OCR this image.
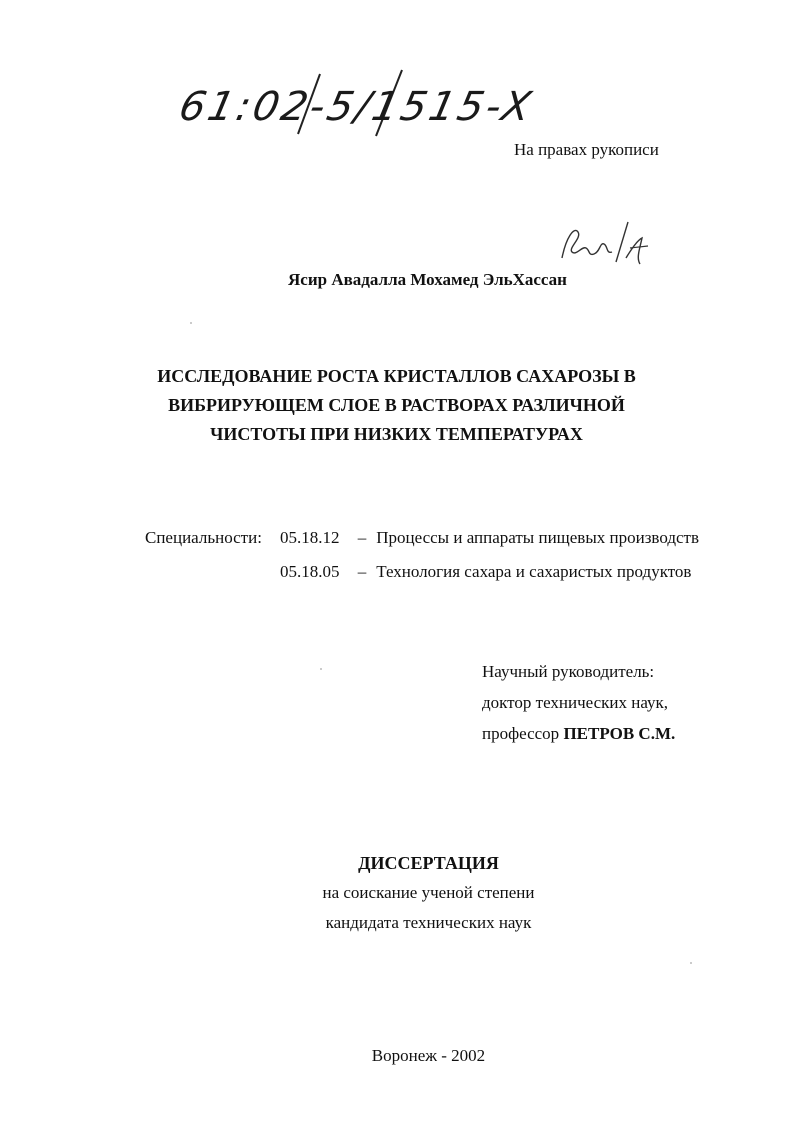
61:02-5/1515-X
На правах рукописи
Ясир Авадалла Мохамед ЭльХассан
ИССЛЕДОВАНИЕ РОСТА КРИСТАЛЛОВ САХАРОЗЫ В
ВИБРИРУЮЩЕМ СЛОЕ В РАСТВОРАХ РАЗЛИЧНОЙ
ЧИСТОТЫ ПРИ НИЗКИХ ТЕМПЕРАТУРАХ
Специальности: 05.18.12 – Процессы и аппараты пищевых производств
05.18.05 – Технология сахара и сахаристых продуктов
Научный руководитель:
доктор технических наук,
профессор ПЕТРОВ С.М.
ДИССЕРТАЦИЯ
на соискание ученой степени
кандидата технических наук
Воронеж - 2002
